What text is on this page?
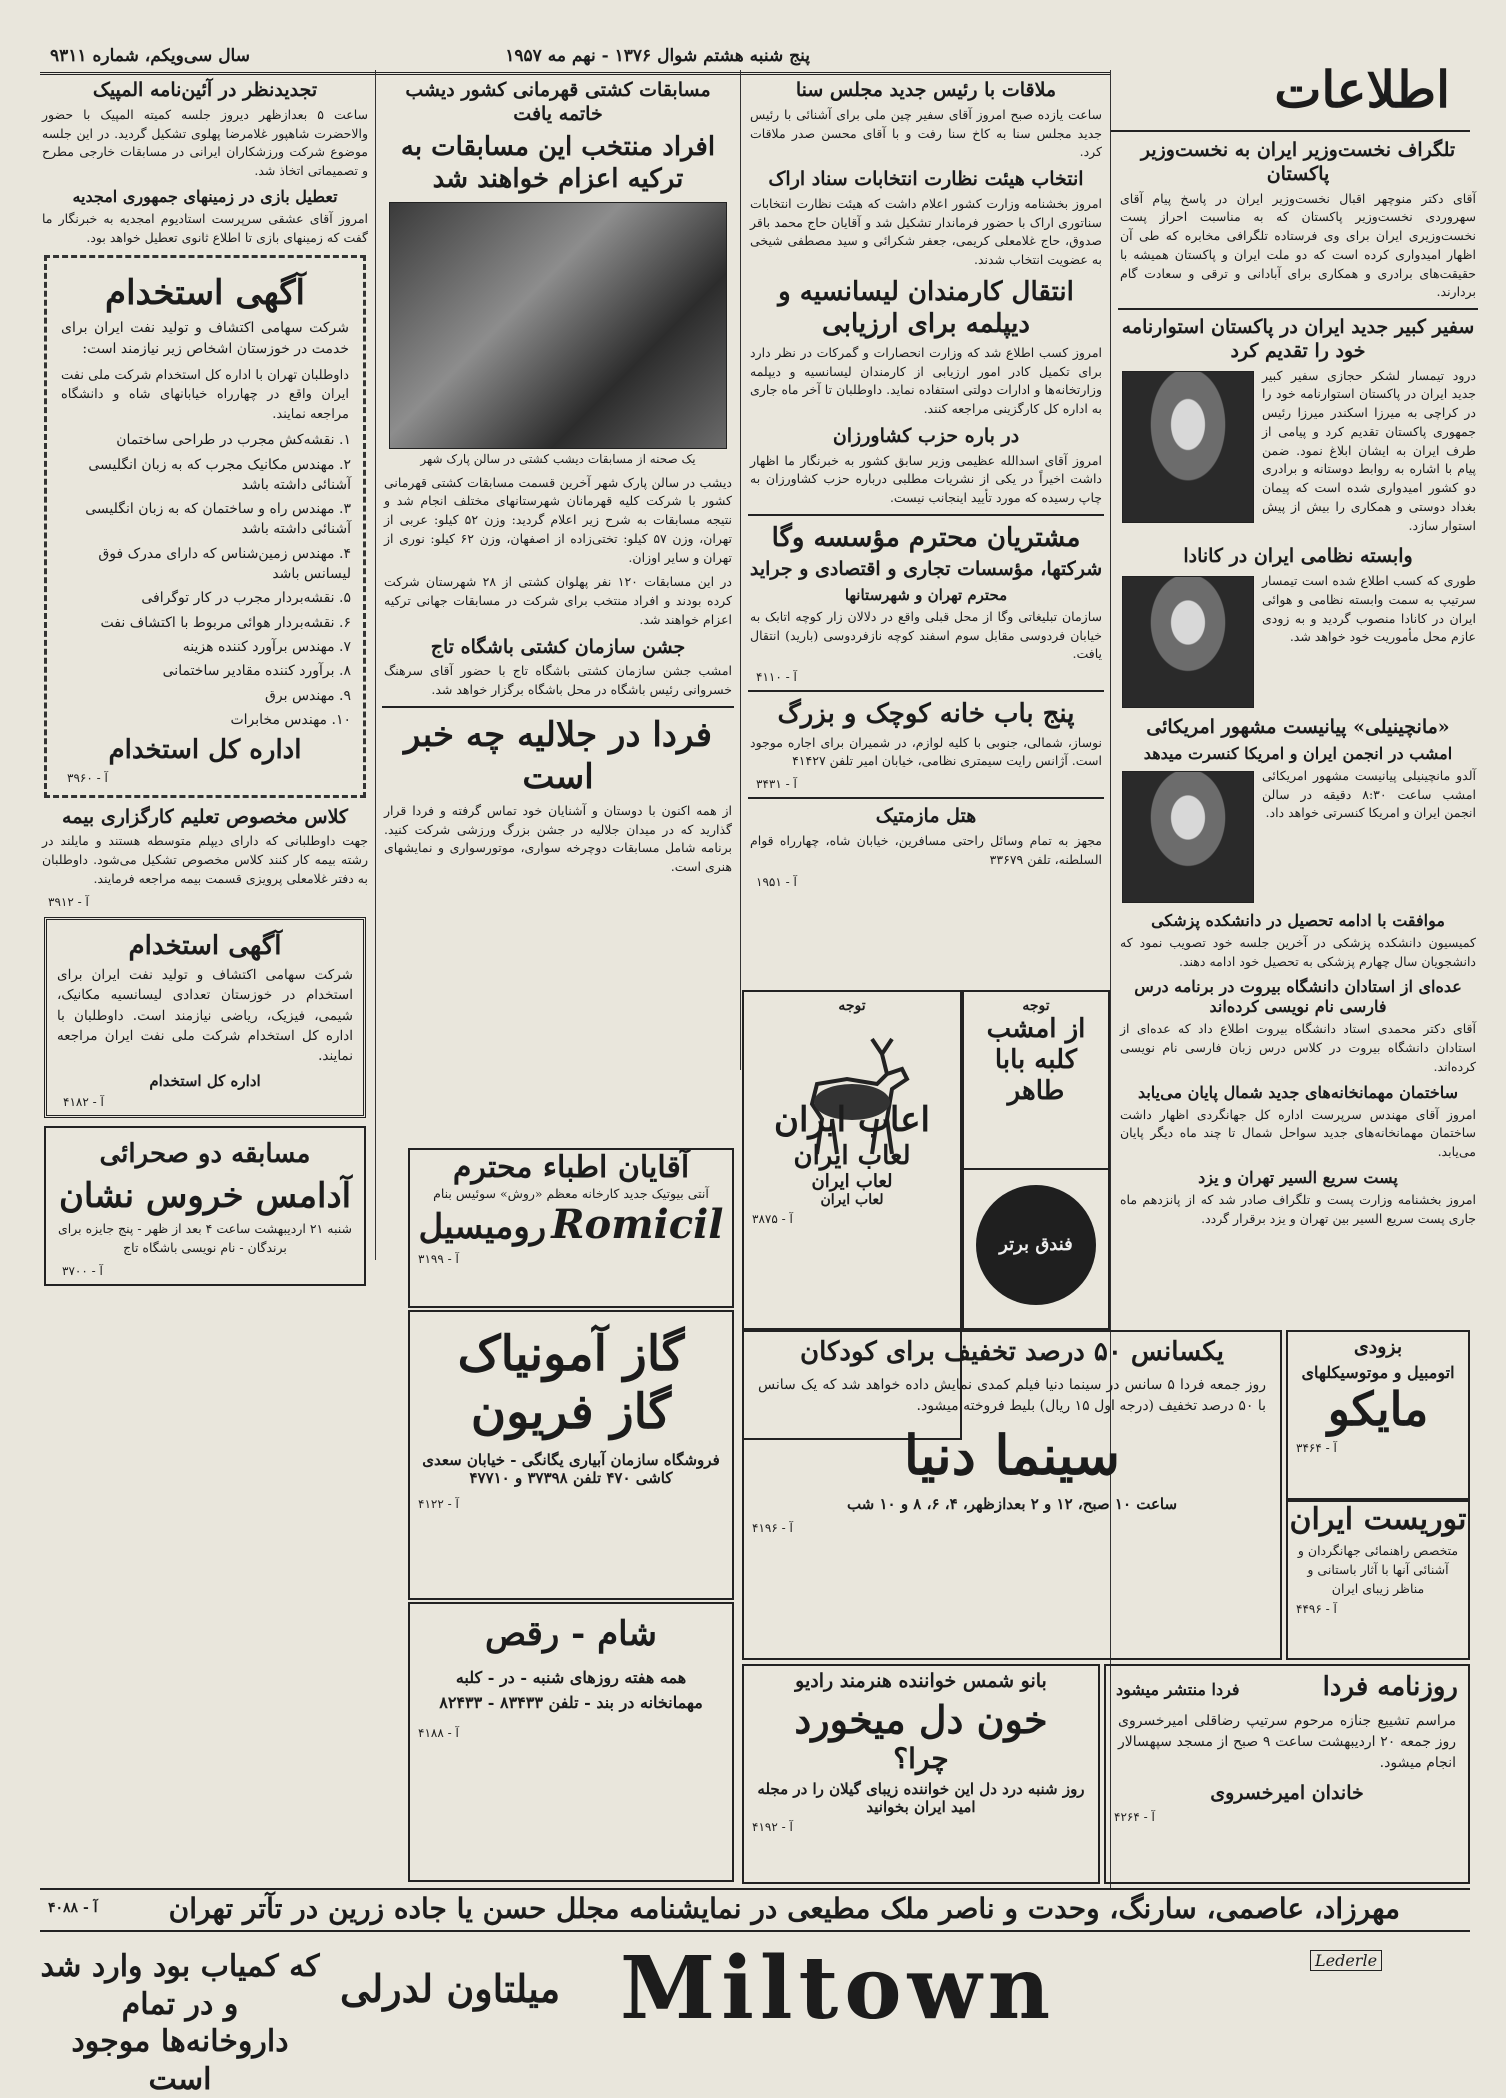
پنج شنبه هشتم شوال ۱۳۷۶ - نهم مه ۱۹۵۷
سال سی‌ویکم، شماره ۹۳۱۱
اطلاعات
تلگراف نخست‌وزیر ایران به نخست‌وزیر پاکستان

آقای دکتر منوچهر اقبال نخست‌وزیر ایران در پاسخ پیام آقای سهروردی نخست‌وزیر پاکستان که به مناسبت احراز پست نخست‌وزیری ایران برای وی فرستاده تلگرافی مخابره که طی آن اظهار امیدواری کرده است که دو ملت ایران و پاکستان همیشه با حقیقت‌های برادری و همکاری برای آبادانی و ترقی و سعادت گام بردارند.

سفیر کبیر جدید ایران در پاکستان استوارنامه خود را تقدیم کرد

درود تیمسار لشکر حجازی سفیر کبیر جدید ایران در پاکستان استوارنامه خود را در کراچی به میرزا اسکندر میرزا رئیس جمهوری پاکستان تقدیم کرد و پیامی از طرف ایران به ایشان ابلاغ نمود. ضمن پیام با اشاره به روابط دوستانه و برادری دو کشور امیدواری شده است که پیمان بغداد دوستی و همکاری را بیش از پیش استوار سازد.

وابسته نظامی ایران در کانادا

طوری که کسب اطلاع شده است تیمسار سرتیپ به سمت وابسته نظامی و هوائی ایران در کانادا منصوب گردید و به زودی عازم محل مأموریت خود خواهد شد.

«مانچینیلی» پیانیست مشهور امریکائی
امشب در انجمن ایران و امریکا کنسرت میدهد

آلدو مانچینیلی پیانیست مشهور امریکائی امشب ساعت ۸:۳۰ دقیقه در سالن انجمن ایران و امریکا کنسرتی خواهد داد.

موافقت با ادامه تحصیل در دانشکده پزشکی

کمیسیون دانشکده پزشکی در آخرین جلسه خود تصویب نمود که دانشجویان سال چهارم پزشکی به تحصیل خود ادامه دهند.

عده‌ای از استادان دانشگاه بیروت در برنامه درس فارسی نام نویسی کرده‌اند

آقای دکتر محمدی استاد دانشگاه بیروت اطلاع داد که عده‌ای از استادان دانشگاه بیروت در کلاس درس زبان فارسی نام نویسی کرده‌اند.

ساختمان مهمانخانه‌های جدید شمال پایان می‌یابد

امروز آقای مهندس سرپرست اداره کل جهانگردی اظهار داشت ساختمان مهمانخانه‌های جدید سواحل شمال تا چند ماه دیگر پایان می‌یابد.

پست سریع السیر تهران و یزد

امروز بخشنامه وزارت پست و تلگراف صادر شد که از پانزدهم ماه جاری پست سریع السیر بین تهران و یزد برقرار گردد.

ملاقات با رئیس جدید مجلس سنا

ساعت یازده صبح امروز آقای سفیر چین ملی برای آشنائی با رئیس جدید مجلس سنا به کاخ سنا رفت و با آقای محسن صدر ملاقات کرد.

انتخاب هیئت نظارت انتخابات سناد اراک

امروز بخشنامه وزارت کشور اعلام داشت که هیئت نظارت انتخابات سناتوری اراک با حضور فرماندار تشکیل شد و آقایان حاج محمد باقر صدوق، حاج غلامعلی کریمی، جعفر شکرائی و سید مصطفی شیخی به عضویت انتخاب شدند.

انتقال کارمندان لیسانسیه و دیپلمه برای ارزیابی

امروز کسب اطلاع شد که وزارت انحصارات و گمرکات در نظر دارد برای تکمیل کادر امور ارزیابی از کارمندان لیسانسیه و دیپلمه وزارتخانه‌ها و ادارات دولتی استفاده نماید. داوطلبان تا آخر ماه جاری به اداره کل کارگزینی مراجعه کنند.

در باره حزب کشاورزان

امروز آقای اسدالله عظیمی وزیر سابق کشور به خبرنگار ما اظهار داشت اخیراً در یکی از نشریات مطلبی درباره حزب کشاورزان به چاپ رسیده که مورد تأیید اینجانب نیست.

مشتریان محترم مؤسسه وگا
شرکتها، مؤسسات تجاری و اقتصادی و جراید
محترم تهران و شهرستانها

سازمان تبلیغاتی وگا از محل قبلی واقع در دلالان زار کوچه اتابک به خیابان فردوسی مقابل سوم اسفند کوچه نازفردوسی (بارید) انتقال یافت.

آ - ۴۱۱۰
پنج باب خانه کوچک و بزرگ

نوساز، شمالی، جنوبی با کلیه لوازم، در شمیران برای اجاره موجود است. آژانس رایت سیمتری نظامی، خیابان امیر تلفن ۴۱۴۲۷

آ - ۳۴۳۱
هتل مازمتیک

مجهز به تمام وسائل راحتی مسافرین، خیابان شاه، چهارراه قوام السلطنه، تلفن ۳۳۶۷۹

آ - ۱۹۵۱
مسابقات کشتی قهرمانی کشور دیشب خاتمه یافت
افراد منتخب این مسابقات به ترکیه اعزام خواهند شد
یک صحنه از مسابقات دیشب کشتی در سالن پارک شهر

دیشب در سالن پارک شهر آخرین قسمت مسابقات کشتی قهرمانی کشور با شرکت کلیه قهرمانان شهرستانهای مختلف انجام شد و نتیجه مسابقات به شرح زیر اعلام گردید: وزن ۵۲ کیلو: عربی از تهران، وزن ۵۷ کیلو: تختی‌زاده از اصفهان، وزن ۶۲ کیلو: نوری از تهران و سایر اوزان.

در این مسابقات ۱۲۰ نفر پهلوان کشتی از ۲۸ شهرستان شرکت کرده بودند و افراد منتخب برای شرکت در مسابقات جهانی ترکیه اعزام خواهند شد.

جشن سازمان کشتی باشگاه تاج

امشب جشن سازمان کشتی باشگاه تاج با حضور آقای سرهنگ خسروانی رئیس باشگاه در محل باشگاه برگزار خواهد شد.

فردا در جلالیه چه خبر است

از همه اکنون با دوستان و آشنایان خود تماس گرفته و فردا قرار گذارید که در میدان جلالیه در جشن بزرگ ورزشی شرکت کنید. برنامه شامل مسابقات دوچرخه سواری، موتورسواری و نمایشهای هنری است.

تجدیدنظر در آئین‌نامه المپیک

ساعت ۵ بعدازظهر دیروز جلسه کمیته المپیک با حضور والاحضرت شاهپور غلامرضا پهلوی تشکیل گردید. در این جلسه موضوع شرکت ورزشکاران ایرانی در مسابقات خارجی مطرح و تصمیماتی اتخاذ شد.

تعطیل بازی در زمینهای جمهوری امجدیه

امروز آقای عشقی سرپرست استادیوم امجدیه به خبرنگار ما گفت که زمینهای بازی تا اطلاع ثانوی تعطیل خواهد بود.

آگهی استخدام

شرکت سهامی اکتشاف و تولید نفت ایران برای خدمت در خوزستان اشخاص زیر نیازمند است:

داوطلبان تهران با اداره کل استخدام شرکت ملی نفت ایران واقع در چهارراه خیابانهای شاه و دانشگاه مراجعه نمایند.

۱. نقشه‌کش مجرب در طراحی ساختمان

۲. مهندس مکانیک مجرب که به زبان انگلیسی آشنائی داشته باشد

۳. مهندس راه و ساختمان که به زبان انگلیسی آشنائی داشته باشد

۴. مهندس زمین‌شناس که دارای مدرک فوق لیسانس باشد

۵. نقشه‌بردار مجرب در کار توگرافی

۶. نقشه‌بردار هوائی مربوط با اکتشاف نفت

۷. مهندس برآورد کننده هزینه

۸. برآورد کننده مقادیر ساختمانی

۹. مهندس برق

۱۰. مهندس مخابرات

اداره کل استخدام
آ - ۳۹۶۰
کلاس مخصوص تعلیم کارگزاری بیمه

جهت داوطلبانی که دارای دیپلم متوسطه هستند و مایلند در رشته بیمه کار کنند کلاس مخصوص تشکیل می‌شود. داوطلبان به دفتر غلامعلی پرویزی قسمت بیمه مراجعه فرمایند.

آ - ۳۹۱۲
آگهی استخدام

شرکت سهامی اکتشاف و تولید نفت ایران برای استخدام در خوزستان تعدادی لیسانسیه مکانیک، شیمی، فیزیک، ریاضی نیازمند است. داوطلبان با اداره کل استخدام شرکت ملی نفت ایران مراجعه نمایند.

اداره کل استخدام
آ - ۴۱۸۲
مسابقه دو صحرائی
آدامس خروس نشان

شنبه ۲۱ اردیبهشت ساعت ۴ بعد از ظهر - پنج جایزه برای برندگان - نام نویسی باشگاه تاج

آ - ۳۷۰۰
توجه	توجه
از امشب
کلبه بابا
طاهر
اعاب ایران
لعاب ایران
لعاب ایران
لعاب ایران
آ - ۳۸۷۵
فندق برتر
آقایان اطباء محترم
آنتی بیوتیک جدید کارخانه معظم «روش» سوئیس بنام
Romicil رومیسیل
آ - ۳۱۹۹
گاز آمونیاک
گاز فریون
فروشگاه سازمان آبیاری یگانگی - خیابان سعدی کاشی ۴۷۰ تلفن ۳۷۳۹۸ و ۴۷۷۱۰
آ - ۴۱۲۲
شام - رقص
همه هفته روزهای شنبه - در - کلبه مهمانخانه در بند - تلفن ۸۳۴۳۳ - ۸۲۴۳۳
آ - ۴۱۸۸
یکسانس ۵۰ درصد تخفیف برای کودکان

روز جمعه فردا ۵ سانس در سینما دنیا فیلم کمدی نمایش داده خواهد شد که یک سانس با ۵۰ درصد تخفیف (درجه اول ۱۵ ریال) بلیط فروخته میشود.

سینما دنیا
ساعت ۱۰ صبح، ۱۲ و ۲ بعدازظهر، ۴، ۶، ۸ و ۱۰ شب
آ - ۴۱۹۶
بانو شمس خواننده هنرمند رادیو
خون دل میخورد
چرا؟
روز شنبه درد دل این خواننده زیبای گیلان را در مجله امید ایران بخوانید
آ - ۴۱۹۲
بزودی
اتومبیل و موتوسیکلهای
مایکو
آ - ۳۴۶۴
توریست ایران
متخصص راهنمائی جهانگردان و آشنائی آنها با آثار باستانی و مناظر زیبای ایران
آ - ۴۴۹۶
روزنامه فردا
فردا منتشر میشود

مراسم تشییع جنازه مرحوم سرتیپ رضاقلی امیرخسروی روز جمعه ۲۰ اردیبهشت ساعت ۹ صبح از مسجد سپهسالار انجام میشود.

خاندان امیرخسروی
آ - ۴۲۶۴
مهرزاد، عاصمی، سارنگ، وحدت و ناصر ملک مطیعی در نمایشنامه مجلل حسن یا جاده زرین در تآتر تهران
آ - ۴۰۸۸
که کمیاب بود وارد شد و در تمام
داروخانه‌ها موجود است
میلتاون لدرلی Miltown	Lederle
